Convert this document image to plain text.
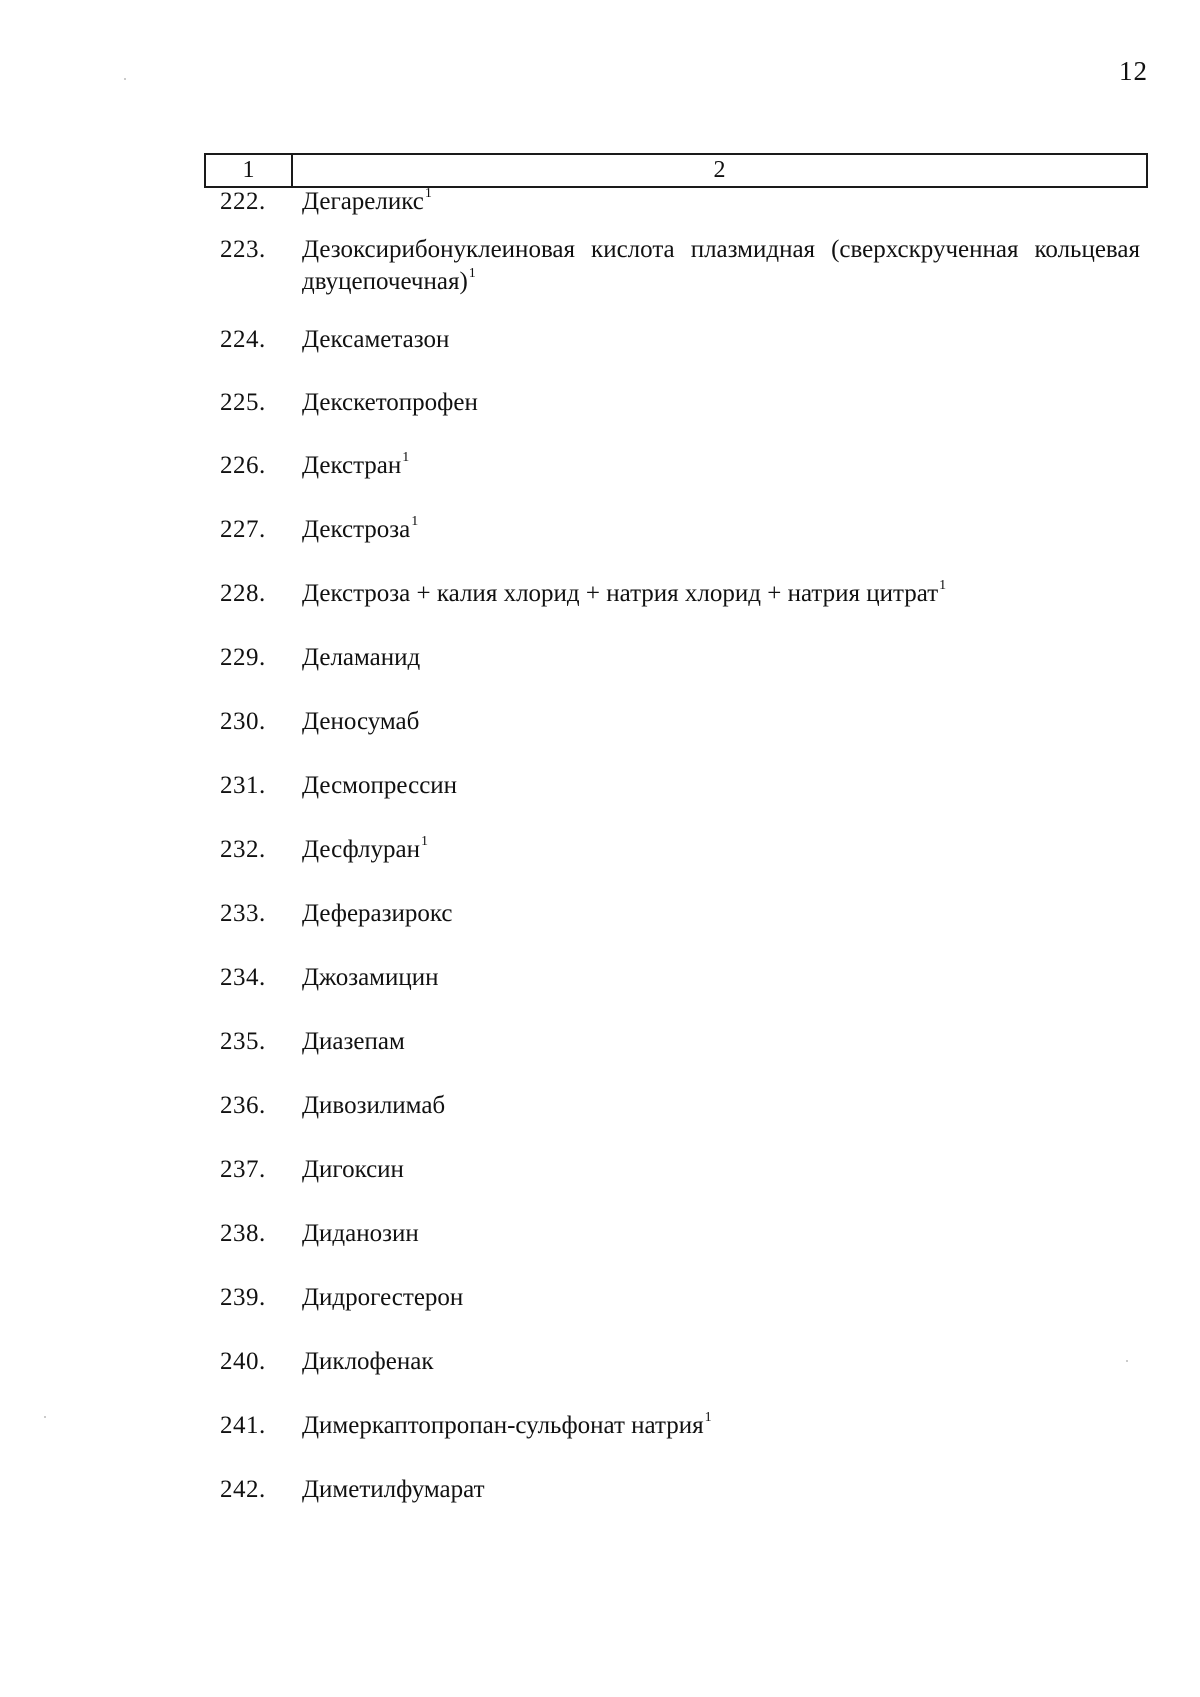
12
1	2
222.	Дегареликс$^1$
223.	Дезоксирибонуклеиновая кислота плазмидная (сверхскрученная кольцевая двуцепочечная)$^1$
224.	Дексаметазон
225.	Декскетопрофен
226.	Декстран$^1$
227.	Декстроза$^1$
228.	Декстроза + калия хлорид + натрия хлорид + натрия цитрат$^1$
229.	Деламанид
230.	Деносумаб
231.	Десмопрессин
232.	Десфлуран$^1$
233.	Деферазирокс
234.	Джозамицин
235.	Диазепам
236.	Дивозилимаб
237.	Дигоксин
238.	Диданозин
239.	Дидрогестерон
240.	Диклофенак
241.	Димеркаптопропан-сульфонат натрия$^1$
242.	Диметилфумарат
